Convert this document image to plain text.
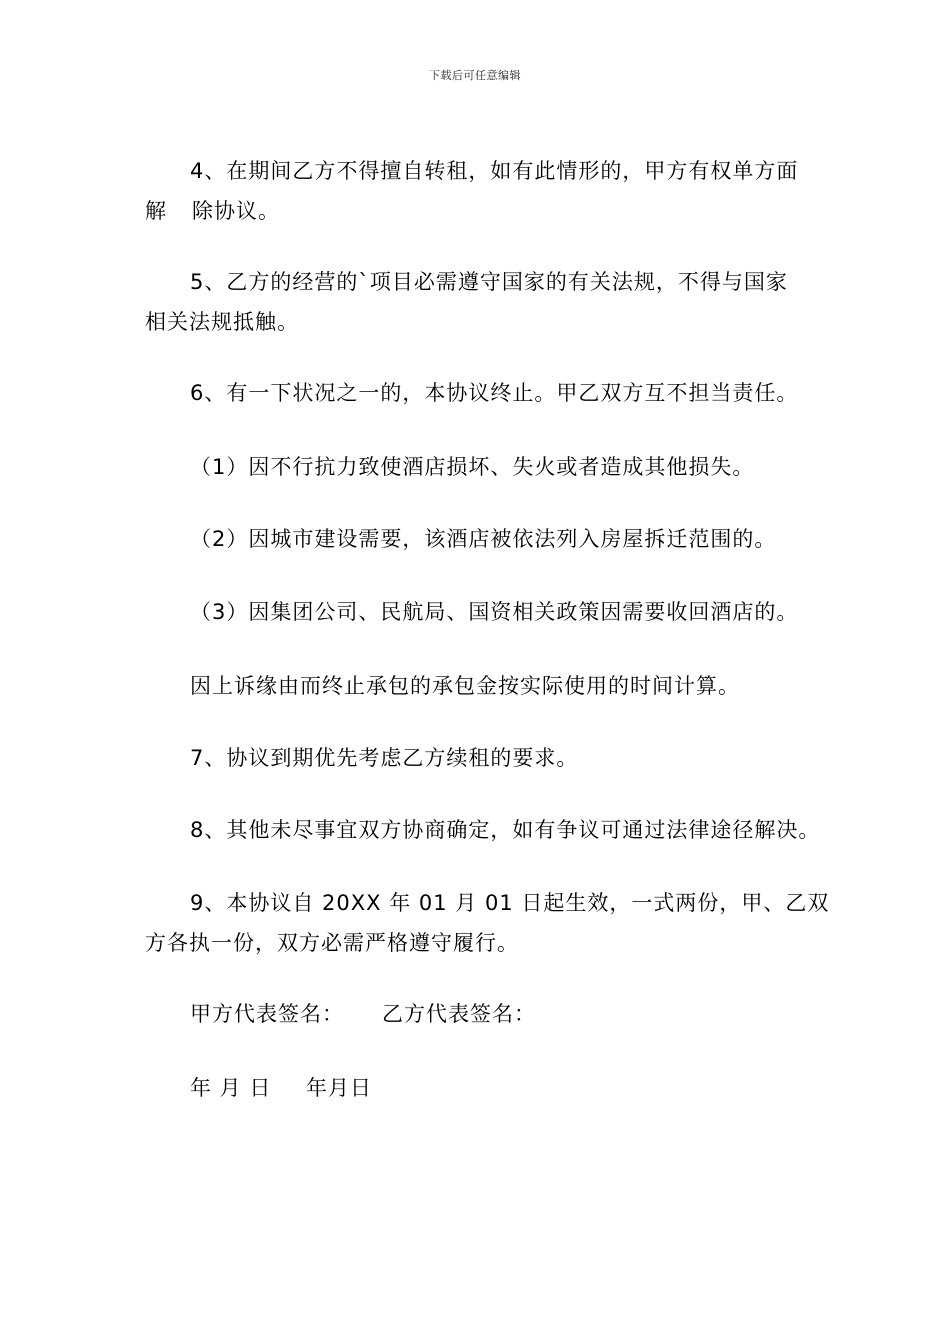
下载后可任意编辑
4、在期间乙方不得擅自转租，如有此情形的，甲方有权单方面
解 除协议。
5、乙方的经营的`项目必需遵守国家的有关法规，不得与国家
相关法规抵触。
6、有一下状况之一的，本协议终止。甲乙双方互不担当责任。
（1）因不行抗力致使酒店损坏、失火或者造成其他损失。
（2）因城市建设需要，该酒店被依法列入房屋拆迁范围的。
（3）因集团公司、民航局、国资相关政策因需要收回酒店的。
因上诉缘由而终止承包的承包金按实际使用的时间计算。
7、协议到期优先考虑乙方续租的要求。
8、其他未尽事宜双方协商确定，如有争议可通过法律途径解决。
9、本协议自 20XX 年 01 月 01 日起生效，一式两份，甲、乙双
方各执一份，双方必需严格遵守履行。
甲方代表签名： 乙方代表签名：
年 月 日 年月日
